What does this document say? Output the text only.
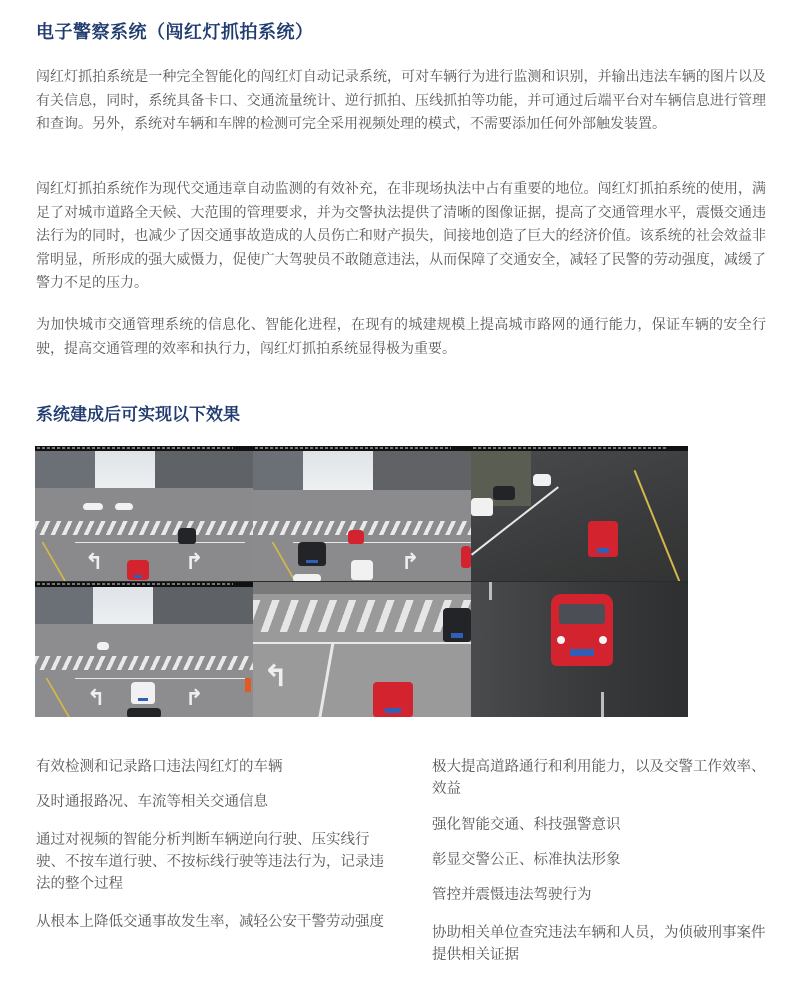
电子警察系统（闯红灯抓拍系统）

闯红灯抓拍系统是一种完全智能化的闯红灯自动记录系统，可对车辆行为进行监测和识别，并输出违法车辆的图片以及有关信息，同时，系统具备卡口、交通流量统计、逆行抓拍、压线抓拍等功能，并可通过后端平台对车辆信息进行管理和查询。另外，系统对车辆和车牌的检测可完全采用视频处理的模式，不需要添加任何外部触发装置。

闯红灯抓拍系统作为现代交通违章自动监测的有效补充，在非现场执法中占有重要的地位。闯红灯抓拍系统的使用，满足了对城市道路全天候、大范围的管理要求，并为交警执法提供了清晰的图像证据，提高了交通管理水平，震慑交通违法行为的同时，也减少了因交通事故造成的人员伤亡和财产损失，间接地创造了巨大的经济价值。该系统的社会效益非常明显，所形成的强大威慑力，促使广大驾驶员不敢随意违法，从而保障了交通安全，减轻了民警的劳动强度，减缓了警力不足的压力。

为加快城市交通管理系统的信息化、智能化进程，在现有的城建规模上提高城市路网的通行能力，保证车辆的安全行驶，提高交通管理的效率和执行力，闯红灯抓拍系统显得极为重要。

系统建成后可实现以下效果
↰	↱	↱
↰	↱
↰
有效检测和记录路口违法闯红灯的车辆
及时通报路况、车流等相关交通信息
通过对视频的智能分析判断车辆逆向行驶、压实线行驶、不按车道行驶、不按标线行驶等违法行为，记录违法的整个过程
从根本上降低交通事故发生率，减轻公安干警劳动强度
极大提高道路通行和利用能力，以及交警工作效率、效益
强化智能交通、科技强警意识
彰显交警公正、标准执法形象
管控并震慑违法驾驶行为
协助相关单位查究违法车辆和人员，为侦破刑事案件提供相关证据
